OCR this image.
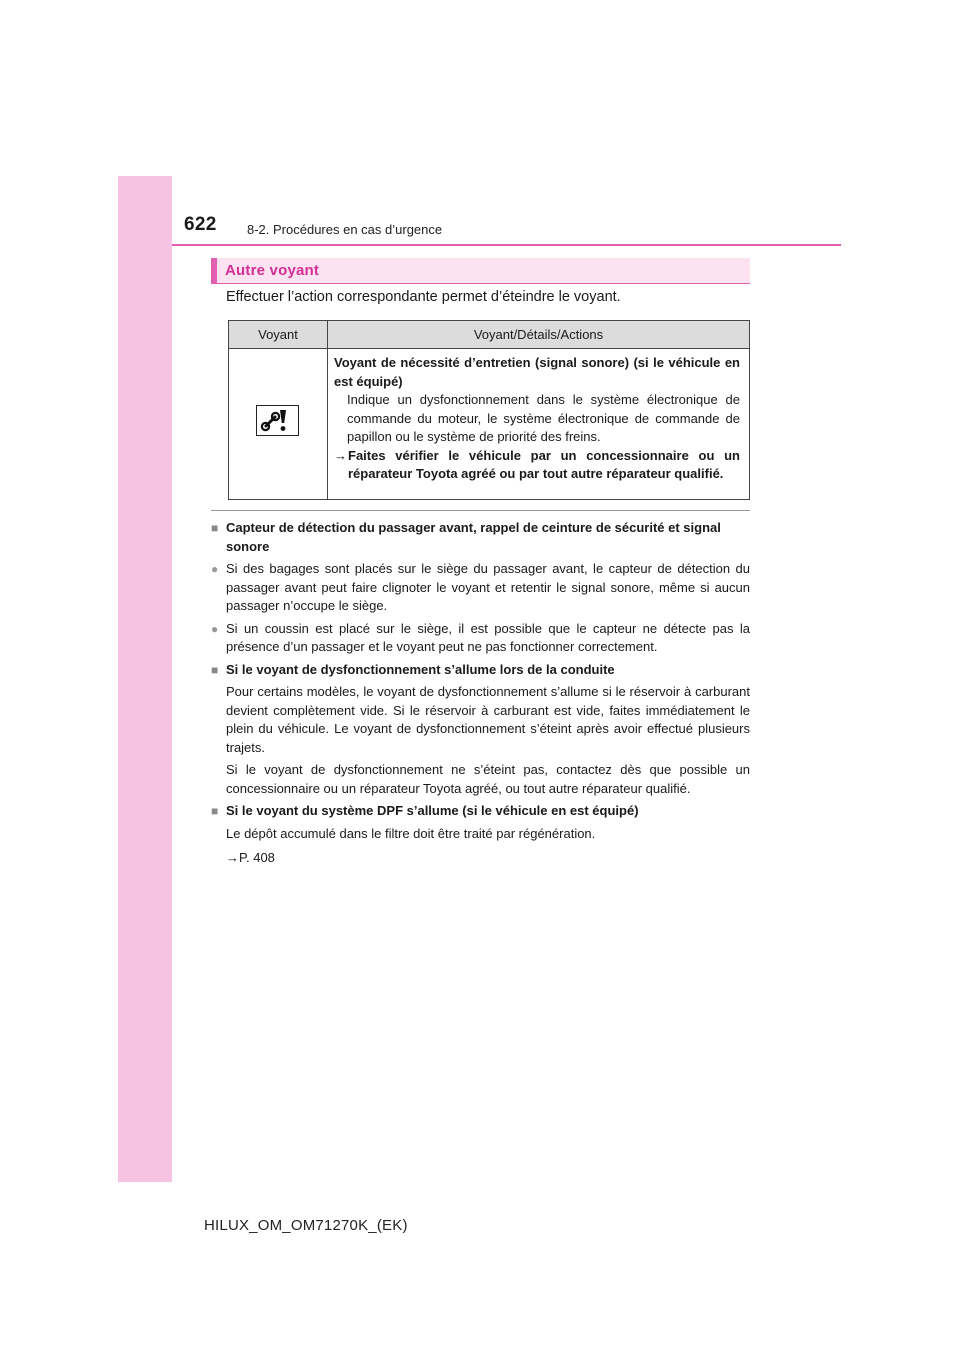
622 8-2. Procédures en cas d’urgence
Autre voyant
Effectuer l’action correspondante permet d’éteindre le voyant.
Voyant	Voyant/Détails/Actions

Voyant de nécessité d’entretien (signal sonore) (si le véhicule en est équipé)
Indique un dysfonctionnement dans le système électronique de commande du moteur, le système électronique de commande de papillon ou le système de priorité des freins.
→ Faites vérifier le véhicule par un concessionnaire ou un réparateur Toyota agréé ou par tout autre réparateur qualifié.
■ Capteur de détection du passager avant, rappel de ceinture de sécurité et signal sonore
● Si des bagages sont placés sur le siège du passager avant, le capteur de détection du passager avant peut faire clignoter le voyant et retentir le signal sonore, même si aucun passager n’occupe le siège.
● Si un coussin est placé sur le siège, il est possible que le capteur ne détecte pas la présence d’un passager et le voyant peut ne pas fonctionner correctement.
■ Si le voyant de dysfonctionnement s’allume lors de la conduite
Pour certains modèles, le voyant de dysfonctionnement s’allume si le réservoir à carburant devient complètement vide. Si le réservoir à carburant est vide, faites immédiatement le plein du véhicule. Le voyant de dysfonctionnement s’éteint après avoir effectué plusieurs trajets.
Si le voyant de dysfonctionnement ne s’éteint pas, contactez dès que possible un concessionnaire ou un réparateur Toyota agréé, ou tout autre réparateur qualifié.
■ Si le voyant du système DPF s’allume (si le véhicule en est équipé)
Le dépôt accumulé dans le filtre doit être traité par régénération.
→P. 408
HILUX_OM_OM71270K_(EK)
